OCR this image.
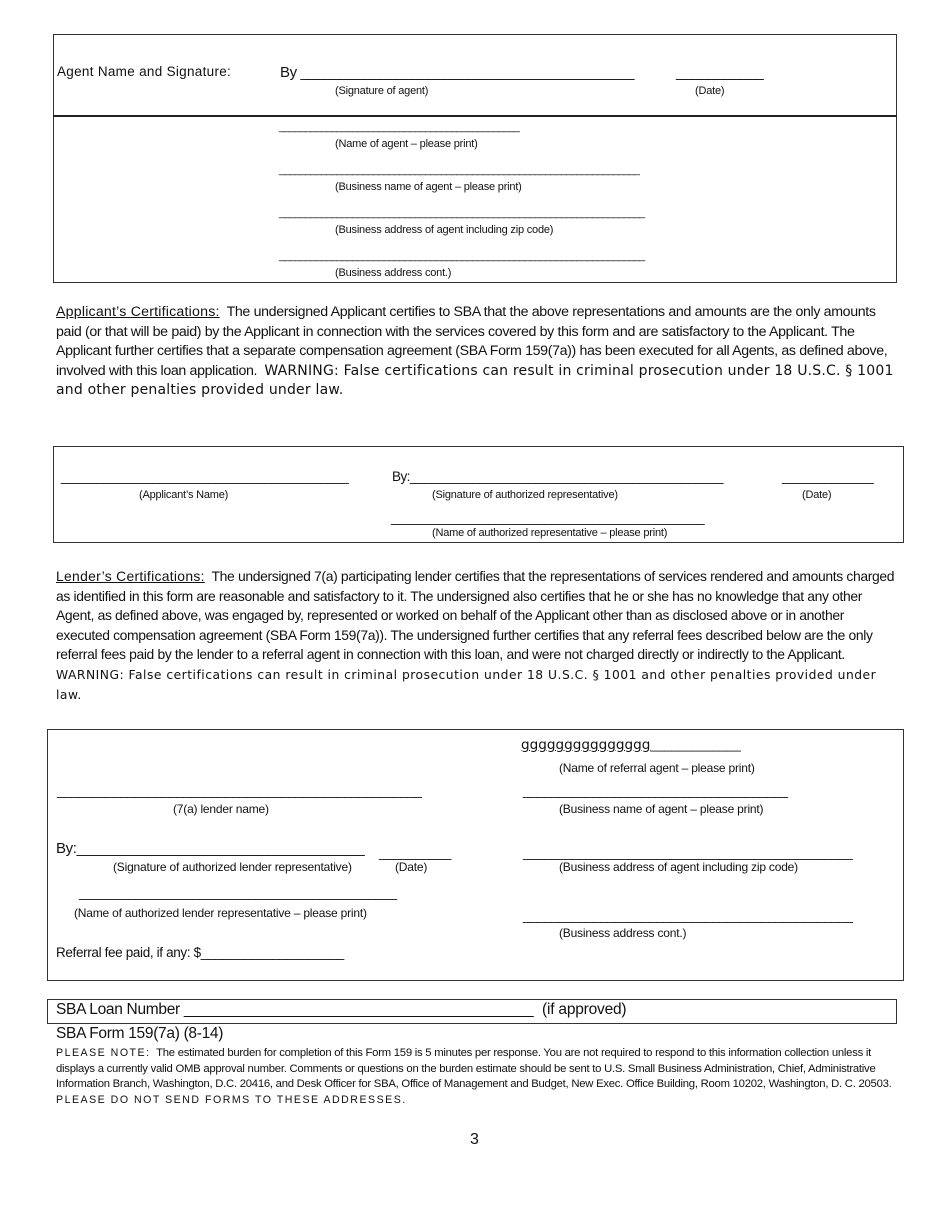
Agent Name and Signature:	By __________________________________________	___________
(Signature of agent)	(Date)
______________________________________________
(Name of agent – please print)
_____________________________________________________________________
(Business name of agent – please print)
______________________________________________________________________
(Business address of agent including zip code)
______________________________________________________________________
(Business address cont.)
Applicant’s Certifications: The undersigned Applicant certifies to SBA that the above representations and amounts are the only amounts paid (or that will be paid) by the Applicant in connection with the services covered by this form and are satisfactory to the Applicant. The Applicant further certifies that a separate compensation agreement (SBA Form 159(7a)) has been executed for all Agents, as defined above, involved with this loan application. WARNING: False certifications can result in criminal prosecution under 18 U.S.C. § 1001 and other penalties provided under law.
_________________________________________
(Applicant’s Name)
By:_____________________________________________
(Signature of authorized representative)
_____________
(Date)
_____________________________________________
(Name of authorized representative – please print)
Lender’s Certifications: The undersigned 7(a) participating lender certifies that the representations of services rendered and amounts charged as identified in this form are reasonable and satisfactory to it. The undersigned also certifies that he or she has no knowledge that any other Agent, as defined above, was engaged by, represented or worked on behalf of the Applicant other than as disclosed above or in another executed compensation agreement (SBA Form 159(7a)). The undersigned further certifies that any referral fees described below are the only referral fees paid by the lender to a referral agent in connection with this loan, and were not charged directly or indirectly to the Applicant.  WARNING: False certifications can result in criminal prosecution under 18 U.S.C. § 1001 and other penalties provided under law.
ggggggggggggggg_____________
(Name of referral agent – please print)
____________________________________________________
(7(a) lender name)
______________________________________
(Business name of agent – please print)
By:____________________________________ __________
(Signature of authorized lender representative)	(Date)
_______________________________________________
(Business address of agent including zip code)
_____________________________________________
(Name of authorized lender representative – please print)	_______________________________________________
(Business address cont.)
Referral fee paid, if any: $____________________
SBA Loan Number __________________________________________ (if approved)
SBA Form 159(7a) (8-14)
PLEASE NOTE: The estimated burden for completion of this Form 159 is 5 minutes per response. You are not required to respond to this information collection unless it displays a currently valid OMB approval number. Comments or questions on the burden estimate should be sent to U.S. Small Business Administration, Chief, Administrative Information Branch, Washington, D.C. 20416, and Desk Officer for SBA, Office of Management and Budget, New Exec. Office Building, Room 10202, Washington, D. C. 20503.  PLEASE DO NOT SEND FORMS TO THESE ADDRESSES.
3
